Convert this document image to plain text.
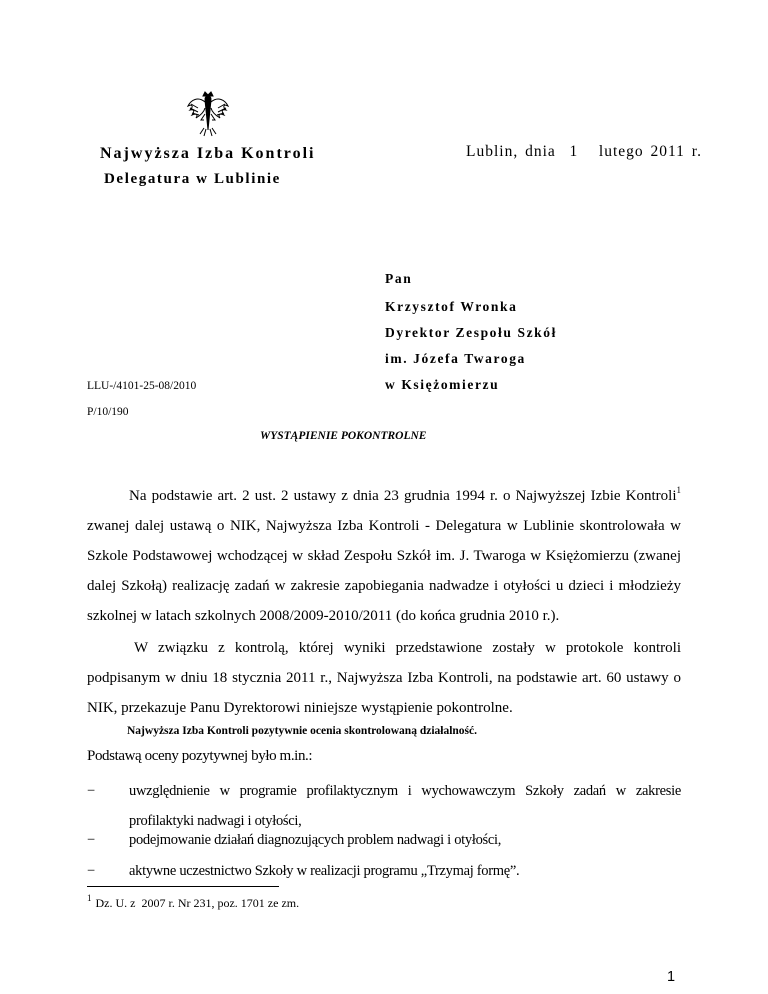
Najwyższa Izba Kontroli
Delegatura w Lublinie
Lublin, dnia  1   lutego 2011 r.
Pan
Krzysztof Wronka
Dyrektor Zespołu Szkół
im. Józefa Twaroga
w Księżomierzu
LLU-/4101-25-08/2010
P/10/190
WYSTĄPIENIE POKONTROLNE

Na podstawie art. 2 ust. 2 ustawy z dnia 23 grudnia 1994 r. o Najwyższej Izbie Kontroli$^1$ zwanej dalej ustawą o NIK, Najwyższa Izba Kontroli - Delegatura w Lublinie skontrolowała w Szkole Podstawowej wchodzącej w skład Zespołu Szkół im. J. Twaroga w Księżomierzu (zwanej dalej Szkołą) realizację zadań w zakresie zapobiegania nadwadze i otyłości u dzieci i młodzieży szkolnej w latach szkolnych 2008/2009-2010/2011 (do końca grudnia 2010 r.).

W związku z kontrolą, której wyniki przedstawione zostały w protokole kontroli podpisanym w dniu 18 stycznia 2011 r., Najwyższa Izba Kontroli, na podstawie art. 60 ustawy o NIK, przekazuje Panu Dyrektorowi niniejsze wystąpienie pokontrolne.

Najwyższa Izba Kontroli pozytywnie ocenia skontrolowaną działalność.
Podstawą oceny pozytywnej było m.in.:
− uwzględnienie w programie profilaktycznym i wychowawczym Szkoły zadań w zakresie profilaktyki nadwagi i otyłości,
− podejmowanie działań diagnozujących problem nadwagi i otyłości,
− aktywne uczestnictwo Szkoły w realizacji programu „Trzymaj formę”.
$^1$ Dz. U. z  2007 r. Nr 231, poz. 1701 ze zm.
1
